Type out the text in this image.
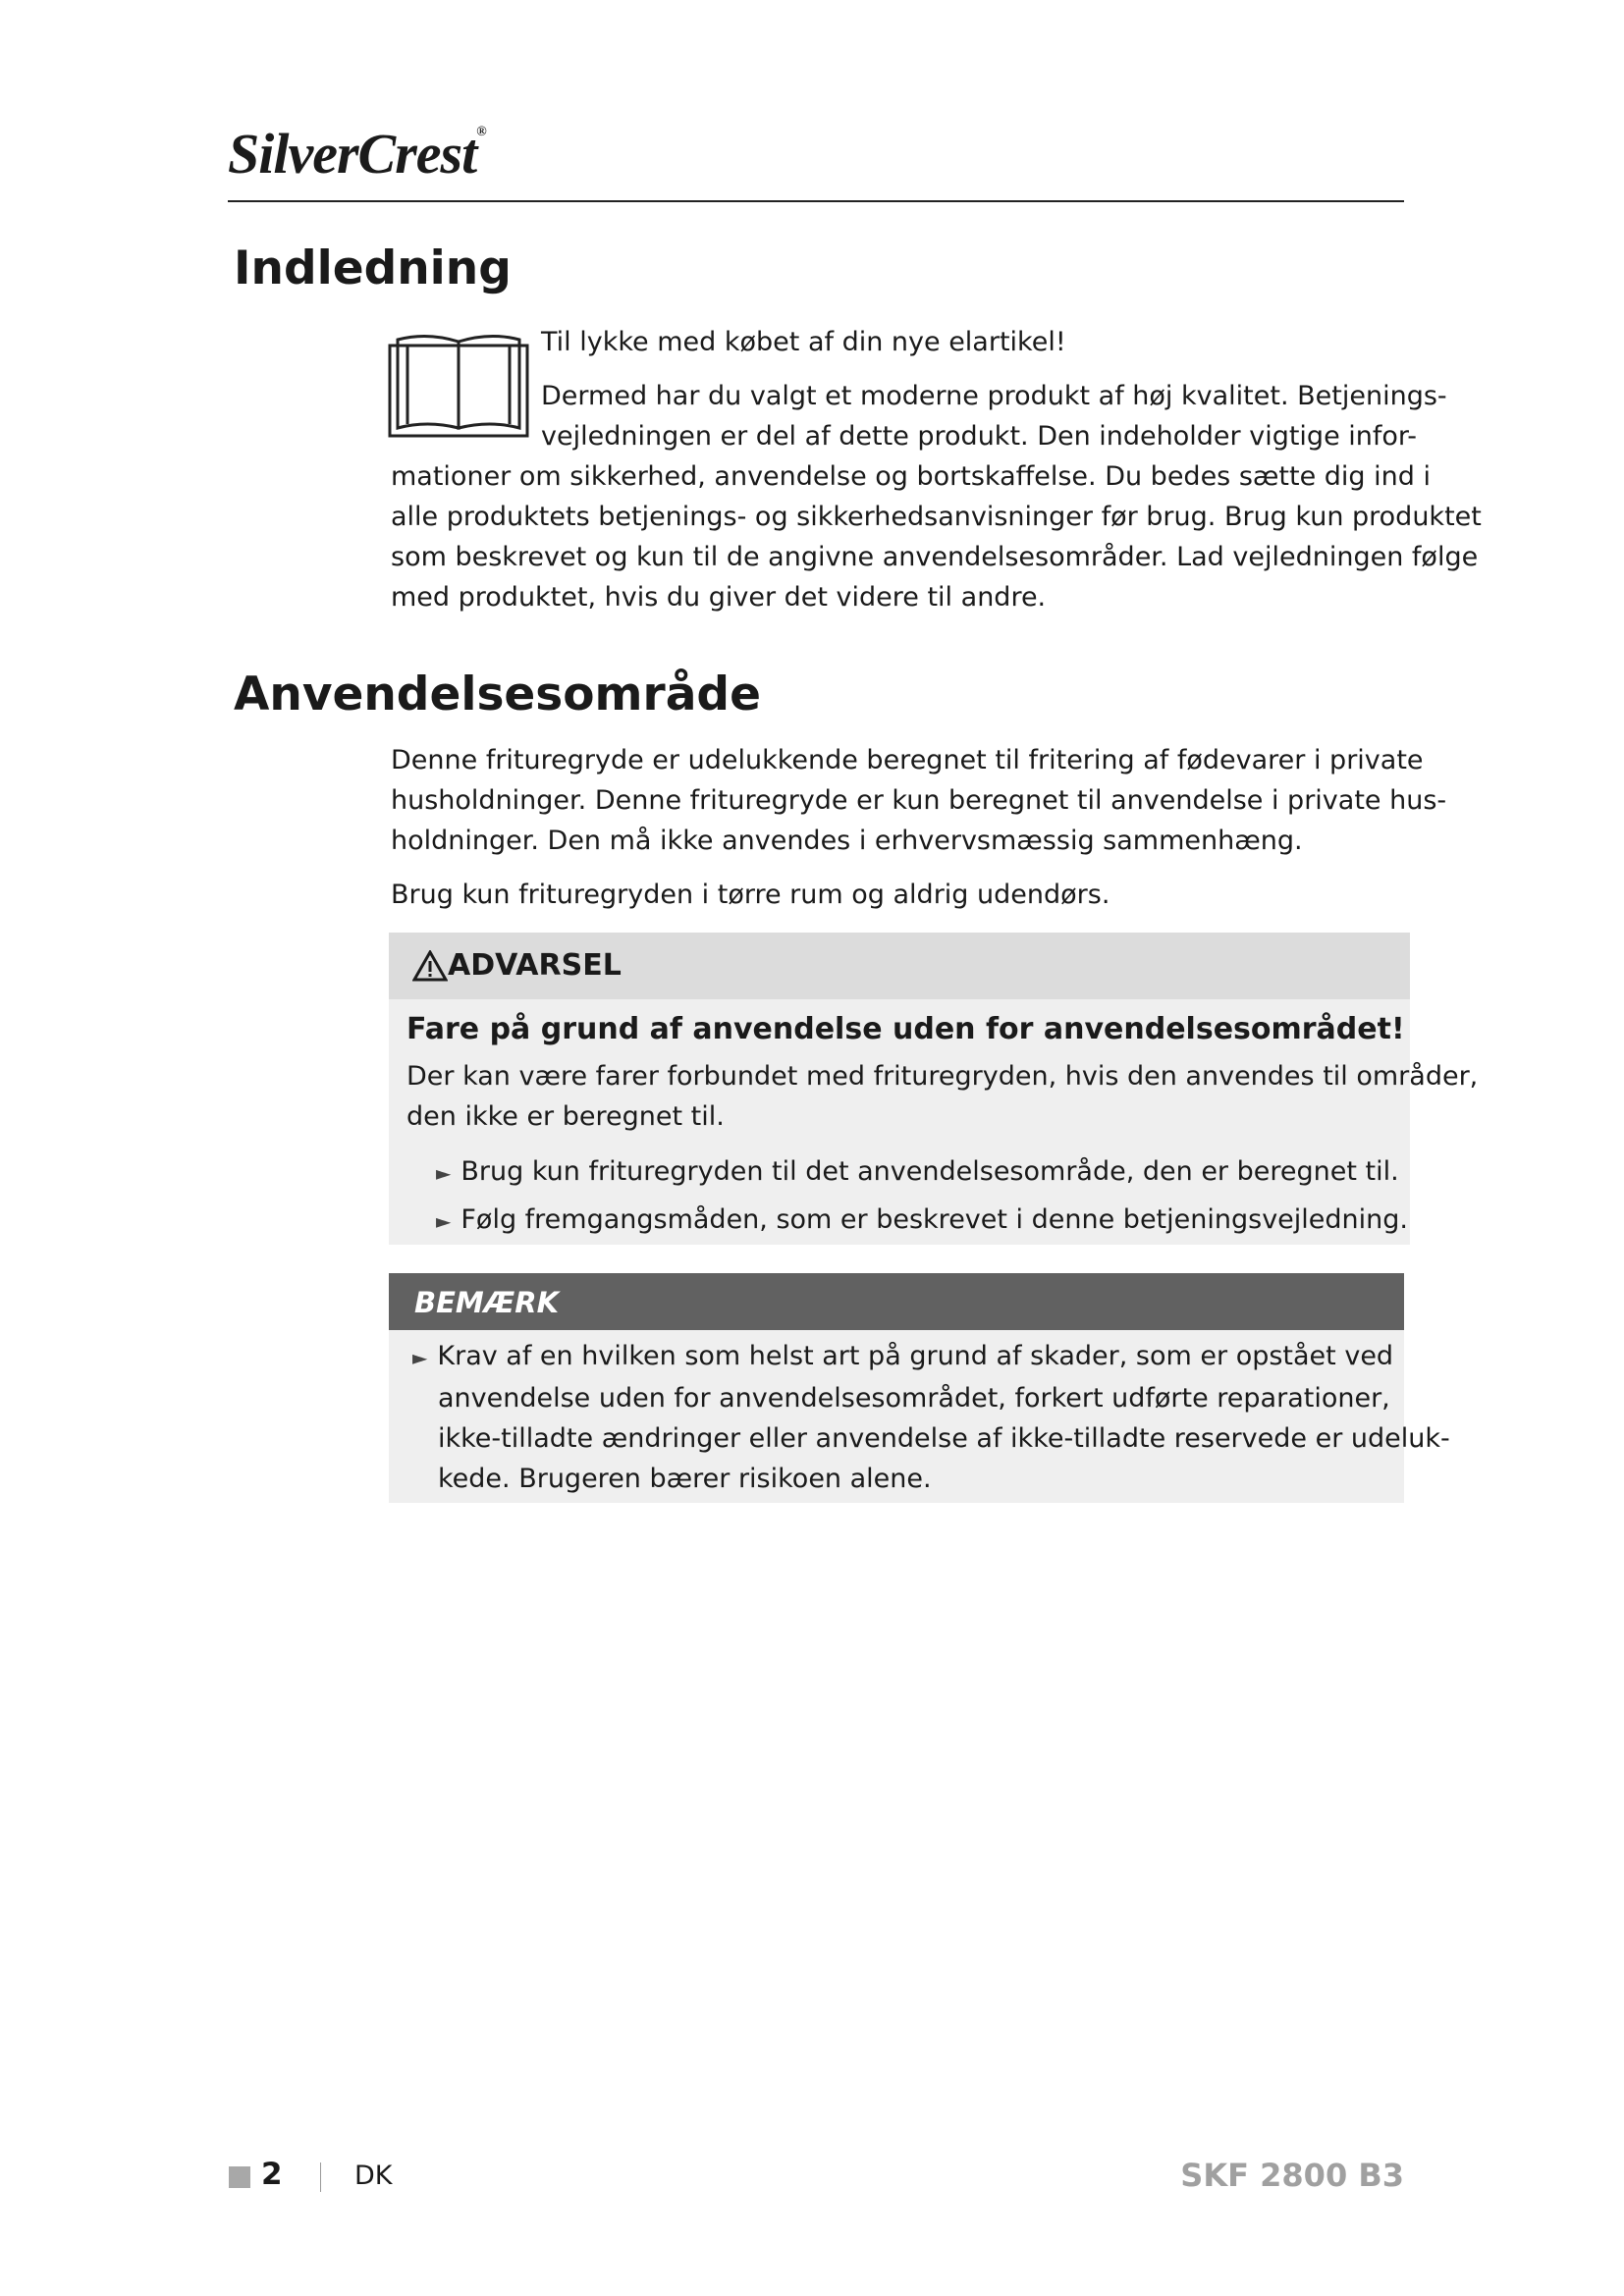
SilverCrest®
Indledning
Til lykke med købet af din nye elartikel!
Dermed har du valgt et moderne produkt af høj kvalitet. Betjenings-
vejledningen er del af dette produkt. Den indeholder vigtige infor-
mationer om sikkerhed, anvendelse og bortskaffelse. Du bedes sætte dig ind i
alle produktets betjenings- og sikkerhedsanvisninger før brug. Brug kun produktet
som beskrevet og kun til de angivne anvendelsesområder. Lad vejledningen følge
med produktet, hvis du giver det videre til andre.
Anvendelsesområde
Denne frituregryde er udelukkende beregnet til fritering af fødevarer i private
husholdninger. Denne frituregryde er kun beregnet til anvendelse i private hus-
holdninger. Den må ikke anvendes i erhvervsmæssig sammenhæng.
Brug kun frituregryden i tørre rum og aldrig udendørs.
ADVARSEL
Fare på grund af anvendelse uden for anvendelsesområdet!
Der kan være farer forbundet med frituregryden, hvis den anvendes til områder,
den ikke er beregnet til.
► Brug kun frituregryden til det anvendelsesområde, den er beregnet til.
► Følg fremgangsmåden, som er beskrevet i denne betjeningsvejledning.
BEMÆRK
► Krav af en hvilken som helst art på grund af skader, som er opstået ved
anvendelse uden for anvendelsesområdet, forkert udførte reparationer,
ikke-tilladte ændringer eller anvendelse af ikke-tilladte reservede er udeluk-
kede. Brugeren bærer risikoen alene.
2	DK	SKF 2800 B3
